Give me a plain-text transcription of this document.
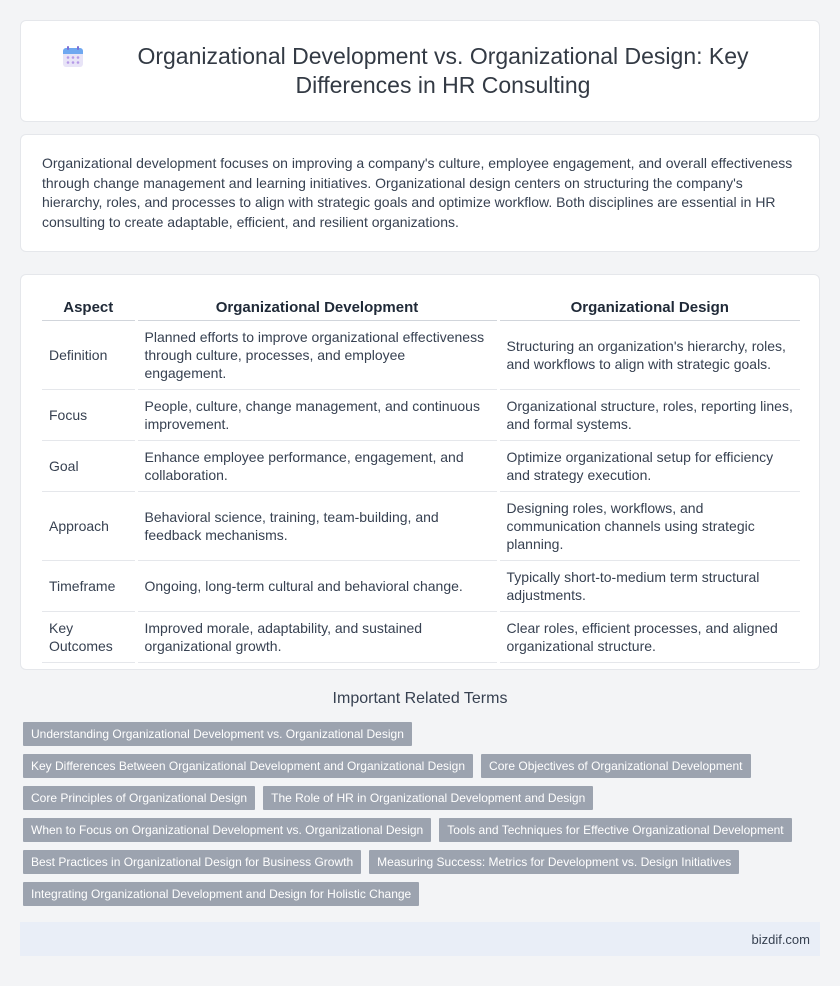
Organizational Development vs. Organizational Design: Key Differences in HR Consulting

Organizational development focuses on improving a company's culture, employee engagement, and overall effectiveness through change management and learning initiatives. Organizational design centers on structuring the company's hierarchy, roles, and processes to align with strategic goals and optimize workflow. Both disciplines are essential in HR consulting to create adaptable, efficient, and resilient organizations.

Aspect	Organizational Development	Organizational Design
Definition	Planned efforts to improve organizational effectiveness through culture, processes, and employee engagement.	Structuring an organization's hierarchy, roles, and workflows to align with strategic goals.
Focus	People, culture, change management, and continuous improvement.	Organizational structure, roles, reporting lines, and formal systems.
Goal	Enhance employee performance, engagement, and collaboration.	Optimize organizational setup for efficiency and strategy execution.
Approach	Behavioral science, training, team-building, and feedback mechanisms.	Designing roles, workflows, and communication channels using strategic planning.
Timeframe	Ongoing, long-term cultural and behavioral change.	Typically short-to-medium term structural adjustments.
Key Outcomes	Improved morale, adaptability, and sustained organizational growth.	Clear roles, efficient processes, and aligned organizational structure.
Important Related Terms
Understanding Organizational Development vs. Organizational Design
Key Differences Between Organizational Development and Organizational Design	Core Objectives of Organizational Development
Core Principles of Organizational Design	The Role of HR in Organizational Development and Design
When to Focus on Organizational Development vs. Organizational Design	Tools and Techniques for Effective Organizational Development
Best Practices in Organizational Design for Business Growth	Measuring Success: Metrics for Development vs. Design Initiatives
Integrating Organizational Development and Design for Holistic Change
bizdif.com
